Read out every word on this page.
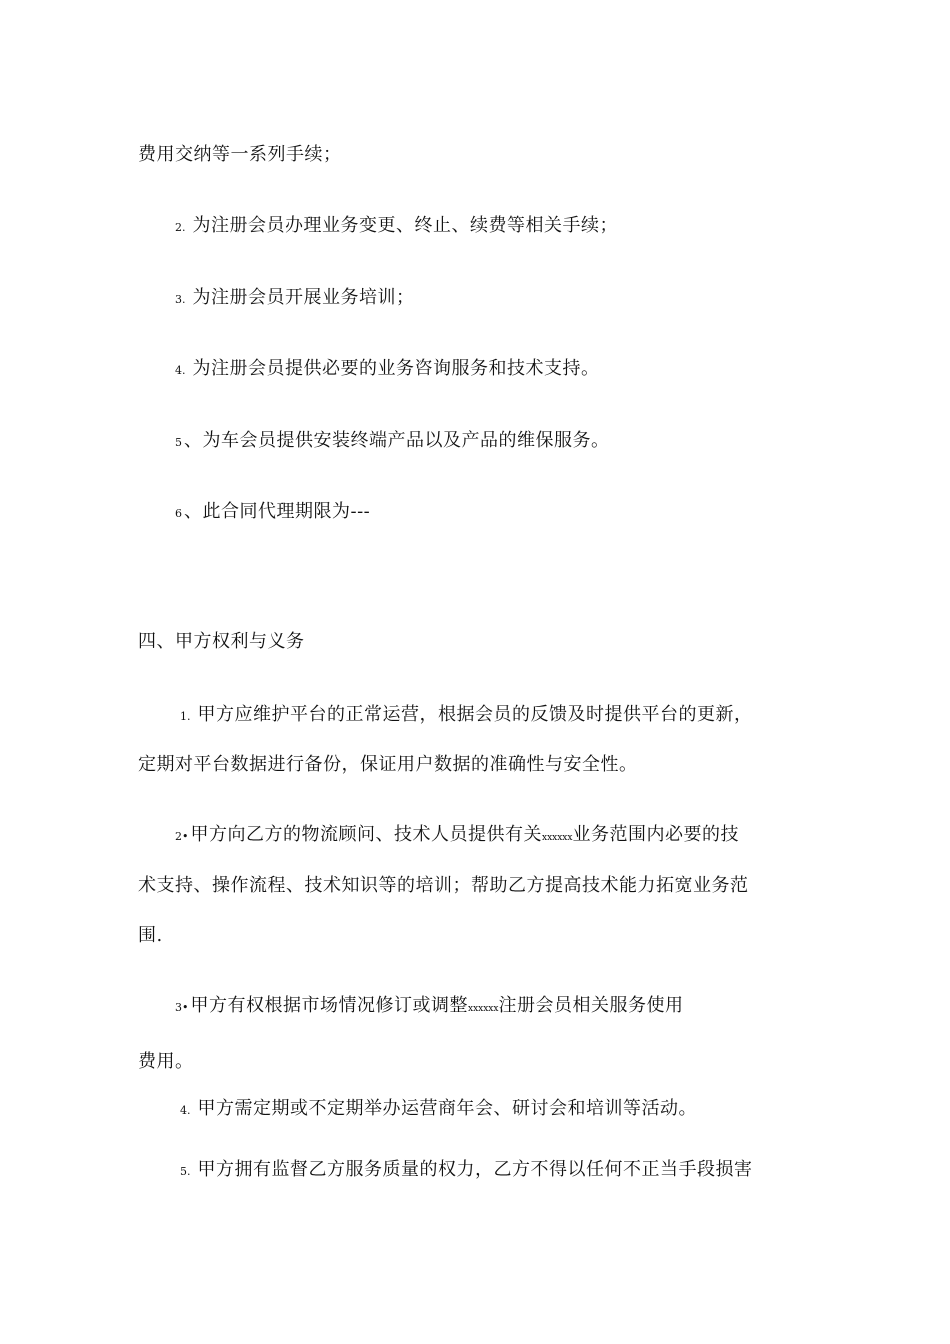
费用交纳等一系列手续；
2. 为注册会员办理业务变更、终止、续费等相关手续；
3. 为注册会员开展业务培训；
4. 为注册会员提供必要的业务咨询服务和技术支持。
5 、为车会员提供安装终端产品以及产品的维保服务。
6 、此合同代理期限为---
四、甲方权利与义务
1. 甲方应维护平台的正常运营，根据会员的反馈及时提供平台的更新，
定期对平台数据进行备份，保证用户数据的准确性与安全性。
2• 甲方向乙方的物流顾问、技术人员提供有关xxxxxx业务范围内必要的技
术支持、操作流程、技术知识等的培训；帮助乙方提高技术能力拓宽业务范
围.
3• 甲方有权根据市场情况修订或调整xxxxxx注册会员相关服务使用
费用。
4. 甲方需定期或不定期举办运营商年会、研讨会和培训等活动。
5. 甲方拥有监督乙方服务质量的权力，乙方不得以任何不正当手段损害
